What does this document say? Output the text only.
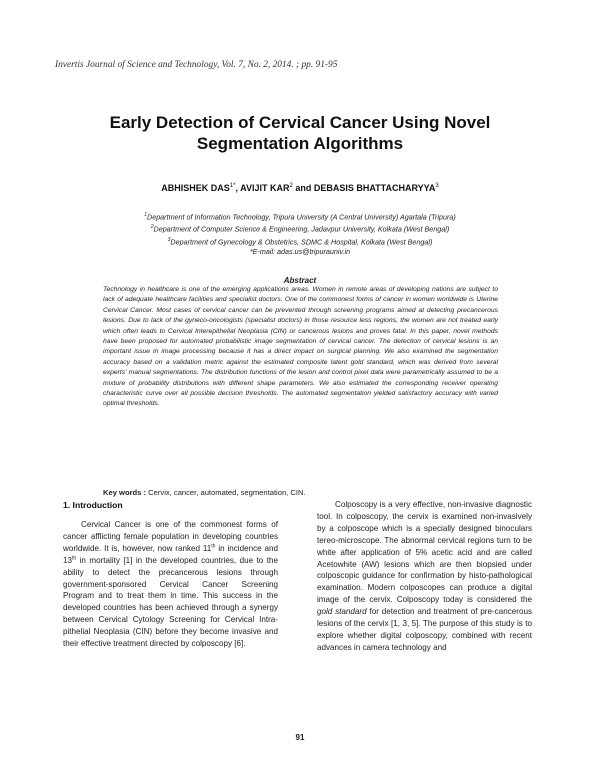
Invertis Journal of Science and Technology, Vol. 7, No. 2, 2014. ; pp. 91-95
Early Detection of Cervical Cancer Using Novel
Segmentation Algorithms
ABHISHEK $DAS^{1*}$, AVIJIT KAR$^2$ and DEBASIS BHATTACHARYYA$^3$
$^1$Department of Information Technology, Tripura University (A Central University) Agartala (Tripura)
$^2$Department of Computer Science & Engineering, Jadavpur University, Kolkata (West Bengal)
$^3$Department of Gynecology & Obstetrics, SDMC & Hospital, Kolkata (West Bengal)
*E-mail: adas.us@tripurauniv.in
Abstract
Technology in healthcare is one of the emerging applications areas. Women in remote areas of developing nations are subject to lack of adequate healthcare facilities and specialist doctors. One of the commonest forms of cancer in women worldwide is Uterine Cervical Cancer. Most cases of cervical cancer can be prevented through screening programs aimed at detecting precancerous lesions. Due to lack of the gyneco-oncologists (specialist doctors) in those resource less regions, the women are not treated early which often leads to Cervical Interepithelial Neoplasia (CIN) or cancerous lesions and proves fatal. In this paper, novel methods have been proposed for automated probabilistic image segmentation of cervical cancer. The detection of cervical lesions is an important issue in image processing because it has a direct impact on surgical planning. We also examined the segmentation accuracy based on a validation metric against the estimated composite latent gold standard, which was derived from several experts' manual segmentations. The distribution functions of the lesion and control pixel data were parametrically assumed to be a mixture of probability distributions with different shape parameters. We also estimated the corresponding receiver operating characteristic curve over all possible decision thresholds. The automated segmentation yielded satisfactory accuracy with varied optimal thresholds.
Key words : Cervix, cancer, automated, segmentation, CIN.
1. Introduction

Cervical Cancer is one of the commonest forms of cancer afflicting female population in developing countries worldwide. It is, however, now ranked 11th in incidence and 13th in mortality [1] in the developed countries, due to the ability to detect the precancerous lesions through government-sponsored Cervical Cancer Screening Program and to treat them in time. This success in the developed countries has been achieved through a synergy between Cervical Cytology Screening for Cervical Intra-pithelial Neoplasia (CIN) before they become invasive and their effective treatment directed by colposcopy [6].

Colposcopy is a very effective, non-invasive diagnostic tool. In colposcopy, the cervix is examined non-invasively by a colposcope which is a specially designed binoculars tereo-microscope. The abnormal cervical regions turn to be white after application of 5% acetic acid and are called Acetowhite (AW) lesions which are then biopsied under colposcopic guidance for confirmation by histo-pathological examination. Modern colposcopes can produce a digital image of the cervix. Colposcopy today is considered the gold standard for detection and treatment of pre-cancerous lesions of the cervix [1, 3, 5]. The purpose of this study is to explore whether digital colposcopy, combined with recent advances in camera technology and

91
